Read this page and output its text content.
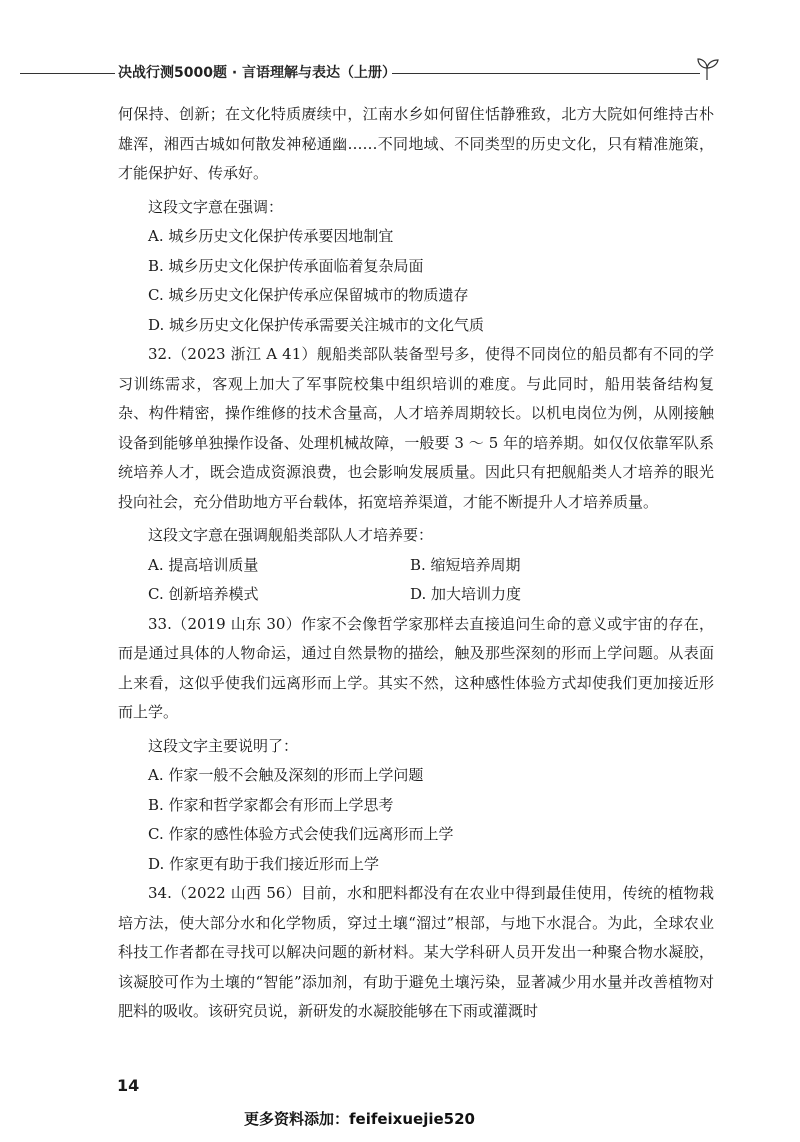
决战行测5000题 · 言语理解与表达（上册）

何保持、创新；在文化特质赓续中，江南水乡如何留住恬静雅致，北方大院如何维持古朴雄浑，湘西古城如何散发神秘通幽……不同地域、不同类型的历史文化，只有精准施策，才能保护好、传承好。

这段文字意在强调：
A. 城乡历史文化保护传承要因地制宜
B. 城乡历史文化保护传承面临着复杂局面
C. 城乡历史文化保护传承应保留城市的物质遗存
D. 城乡历史文化保护传承需要关注城市的文化气质

32.（2023 浙江 A 41）舰船类部队装备型号多，使得不同岗位的船员都有不同的学习训练需求，客观上加大了军事院校集中组织培训的难度。与此同时，船用装备结构复杂、构件精密，操作维修的技术含量高，人才培养周期较长。以机电岗位为例，从刚接触设备到能够单独操作设备、处理机械故障，一般要 3 ～ 5 年的培养期。如仅仅依靠军队系统培养人才，既会造成资源浪费，也会影响发展质量。因此只有把舰船类人才培养的眼光投向社会，充分借助地方平台载体，拓宽培养渠道，才能不断提升人才培养质量。

这段文字意在强调舰船类部队人才培养要：
A. 提高培训质量	B. 缩短培养周期
C. 创新培养模式	D. 加大培训力度

33.（2019 山东 30）作家不会像哲学家那样去直接追问生命的意义或宇宙的存在，而是通过具体的人物命运，通过自然景物的描绘，触及那些深刻的形而上学问题。从表面上来看，这似乎使我们远离形而上学。其实不然，这种感性体验方式却使我们更加接近形而上学。

这段文字主要说明了：
A. 作家一般不会触及深刻的形而上学问题
B. 作家和哲学家都会有形而上学思考
C. 作家的感性体验方式会使我们远离形而上学
D. 作家更有助于我们接近形而上学

34.（2022 山西 56）目前，水和肥料都没有在农业中得到最佳使用，传统的植物栽培方法，使大部分水和化学物质，穿过土壤“溜过”根部，与地下水混合。为此，全球农业科技工作者都在寻找可以解决问题的新材料。某大学科研人员开发出一种聚合物水凝胶，该凝胶可作为土壤的“智能”添加剂，有助于避免土壤污染，显著减少用水量并改善植物对肥料的吸收。该研究员说，新研发的水凝胶能够在下雨或灌溉时

14
更多资料添加：feifeixuejie520
